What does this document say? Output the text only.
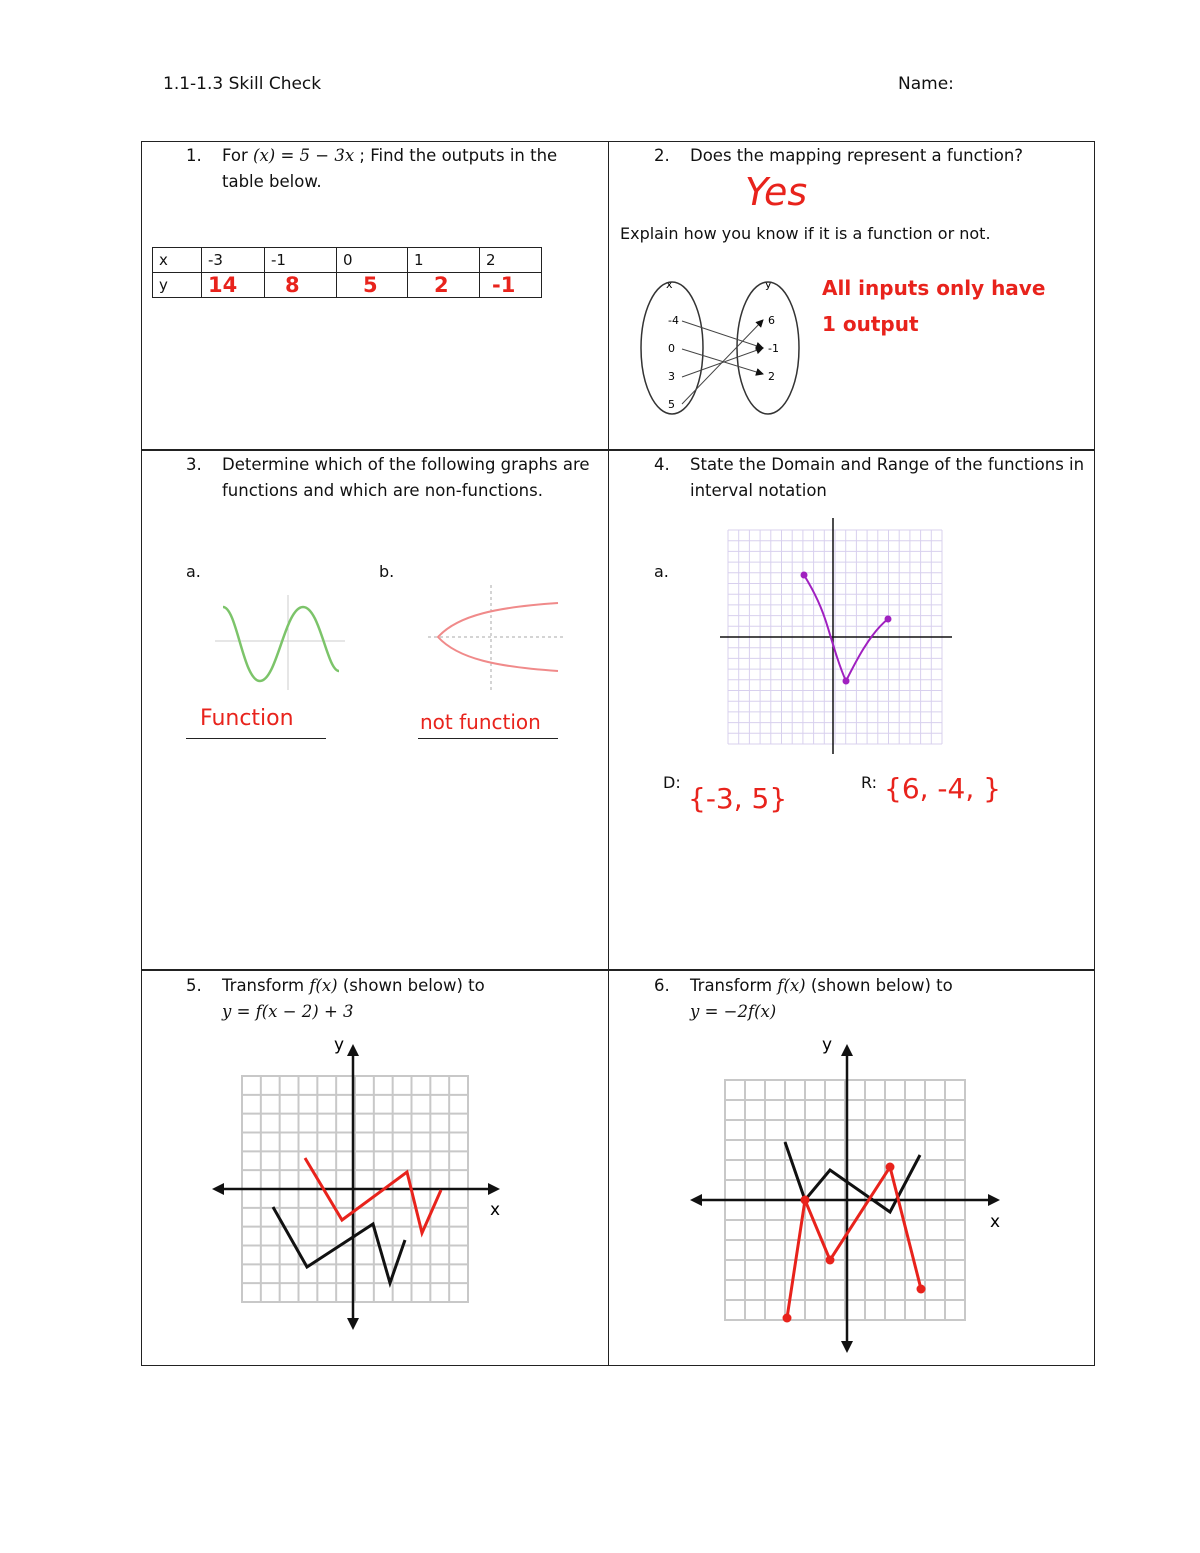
1.1-1.3 Skill Check	Name:
1.	For (x) = 5 − 3x ; Find the outputs in the table below.
x	-3	-1	0	1	2
y	14	8	5	2	-1
2.	Does the mapping represent a function?
Yes
Explain how you know if it is a function or not.
All inputs only have
1 output
x	y
-4
0
3
5
6
-1
2
3.	Determine which of the following graphs are functions and which are non-functions.
a.	b.
Function	not function
4.	State the Domain and Range of the functions in interval notation
a.
D:	R:
{-3, 5}	{6, -4, }
5.	Transform f(x) (shown below) to
y = f(x − 2) + 3
x
y
6.	Transform f(x) (shown below) to
y = −2f(x)
x
y
